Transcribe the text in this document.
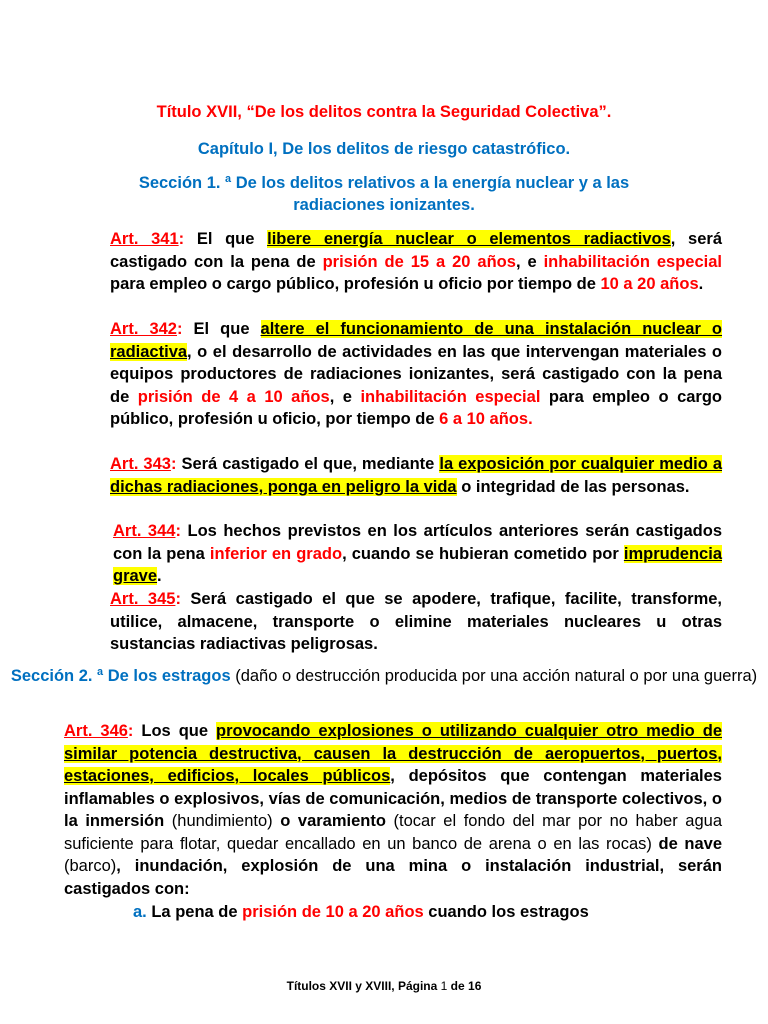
Título XVII, “De los delitos contra la Seguridad Colectiva”.
Capítulo I, De los delitos de riesgo catastrófico.
Sección 1. ª De los delitos relativos a la energía nuclear y a las
radiaciones ionizantes.

Art. 341: El que libere energía nuclear o elementos radiactivos, será castigado con la pena de prisión de 15 a 20 años, e inhabilitación especial para empleo o cargo público, profesión u oficio por tiempo de 10 a 20 años.

Art. 342: El que altere el funcionamiento de una instalación nuclear o radiactiva, o el desarrollo de actividades en las que intervengan materiales o equipos productores de radiaciones ionizantes, será castigado con la pena de prisión de 4 a 10 años, e inhabilitación especial para empleo o cargo público, profesión u oficio, por tiempo de 6 a 10 años.

Art. 343: Será castigado el que, mediante la exposición por cualquier medio a dichas radiaciones, ponga en peligro la vida o integridad de las personas.

Art. 344: Los hechos previstos en los artículos anteriores serán castigados con la pena inferior en grado, cuando se hubieran cometido por imprudencia grave.

Art. 345: Será castigado el que se apodere, trafique, facilite, transforme, utilice, almacene, transporte o elimine materiales nucleares u otras sustancias radiactivas peligrosas.

Sección 2. ª De los estragos (daño o destrucción producida por una acción natural o por una guerra)

Art. 346: Los que provocando explosiones o utilizando cualquier otro medio de similar potencia destructiva, causen la destrucción de aeropuertos, puertos, estaciones, edificios, locales públicos, depósitos que contengan materiales inflamables o explosivos, vías de comunicación, medios de transporte colectivos, o la inmersión (hundimiento) o varamiento (tocar el fondo del mar por no haber agua suficiente para flotar, quedar encallado en un banco de arena o en las rocas) de nave (barco), inundación, explosión de una mina o instalación industrial, serán castigados con:

a. La pena de prisión de 10 a 20 años cuando los estragos

Títulos XVII y XVIII, Página 1 de 16
